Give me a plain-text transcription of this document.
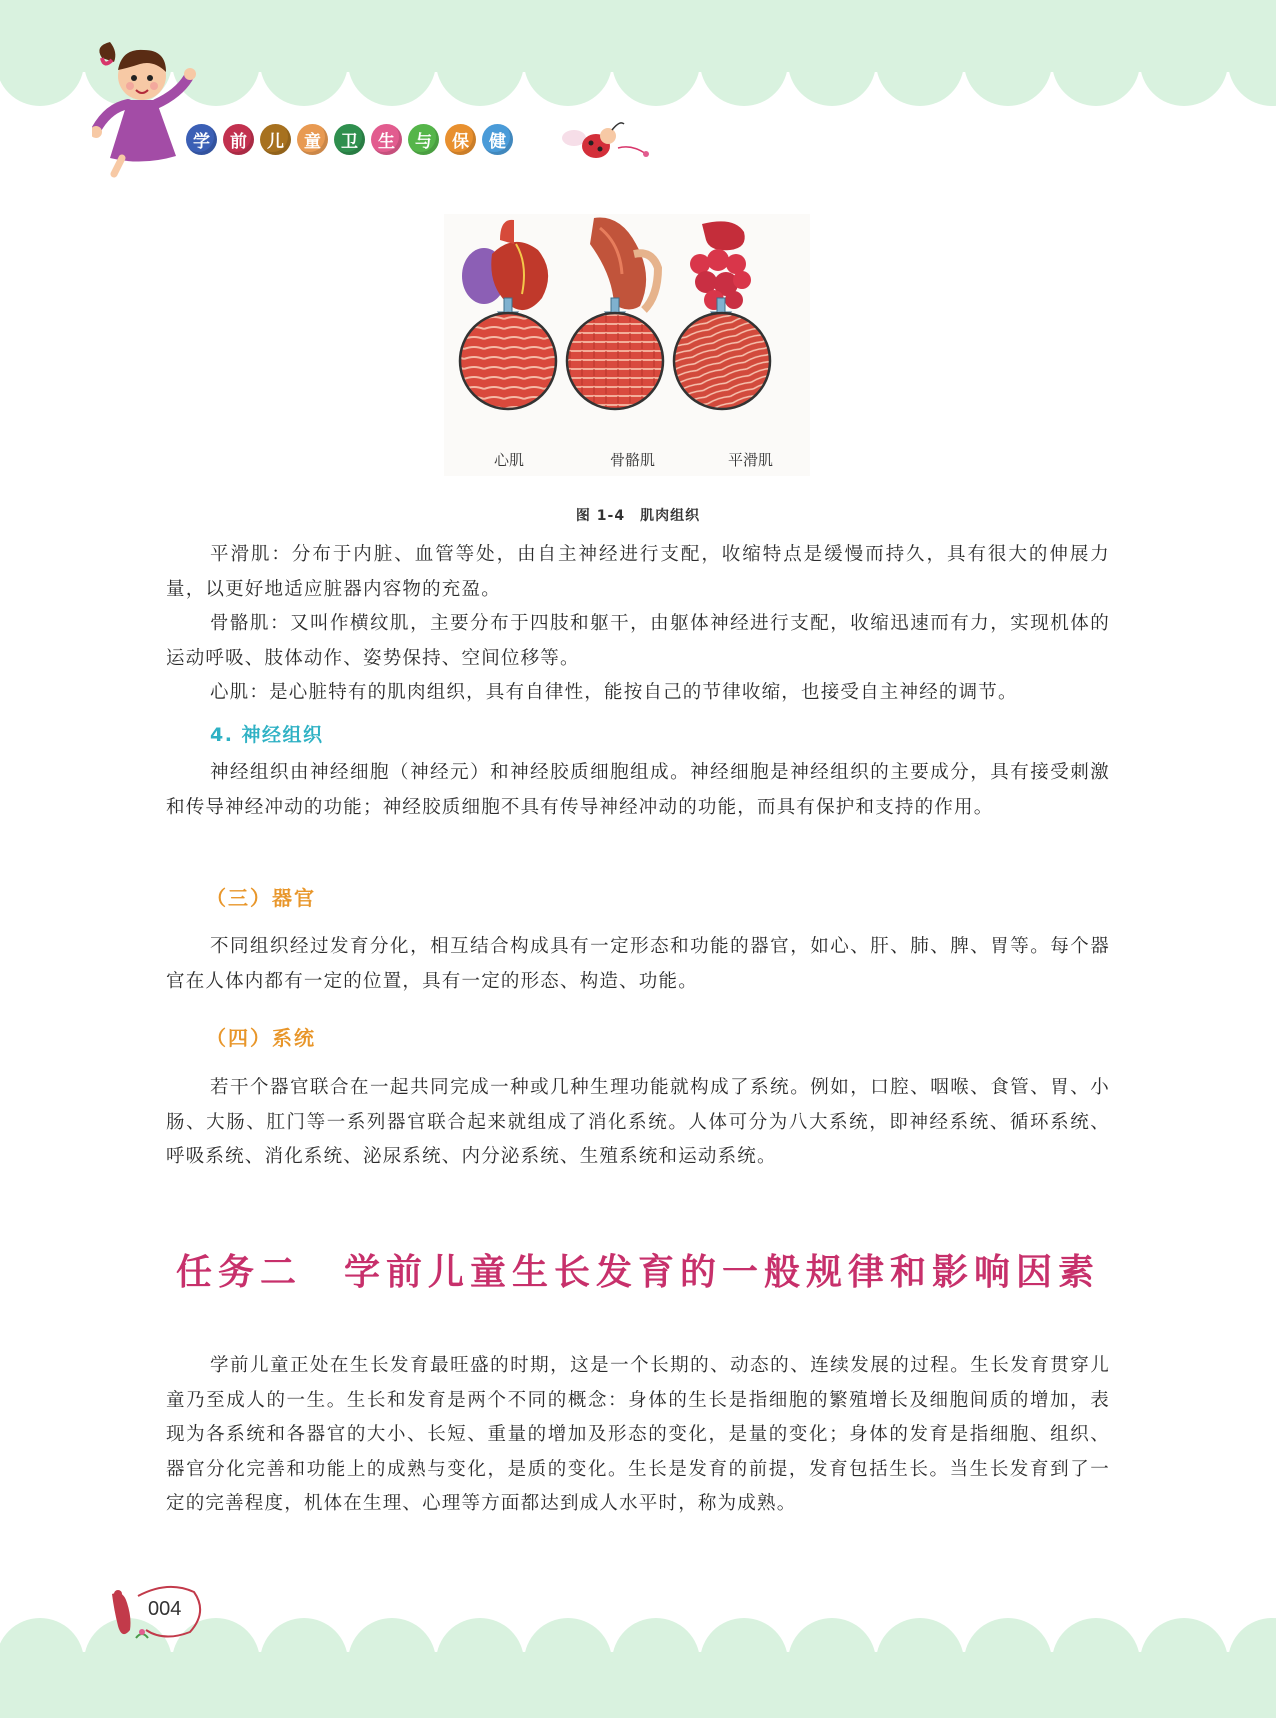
学	前	儿	童	卫	生	与	保	健
心肌	骨骼肌	平滑肌
图 1-4　肌肉组织
平滑肌：分布于内脏、血管等处，由自主神经进行支配，收缩特点是缓慢而持久，具有很大的伸展力量，以更好地适应脏器内容物的充盈。
骨骼肌：又叫作横纹肌，主要分布于四肢和躯干，由躯体神经进行支配，收缩迅速而有力，实现机体的运动呼吸、肢体动作、姿势保持、空间位移等。
心肌：是心脏特有的肌肉组织，具有自律性，能按自己的节律收缩，也接受自主神经的调节。
4. 神经组织
神经组织由神经细胞（神经元）和神经胶质细胞组成。神经细胞是神经组织的主要成分，具有接受刺激和传导神经冲动的功能；神经胶质细胞不具有传导神经冲动的功能，而具有保护和支持的作用。
（三）器官
不同组织经过发育分化，相互结合构成具有一定形态和功能的器官，如心、肝、肺、脾、胃等。每个器官在人体内都有一定的位置，具有一定的形态、构造、功能。
（四）系统
若干个器官联合在一起共同完成一种或几种生理功能就构成了系统。例如，口腔、咽喉、食管、胃、小肠、大肠、肛门等一系列器官联合起来就组成了消化系统。人体可分为八大系统，即神经系统、循环系统、呼吸系统、消化系统、泌尿系统、内分泌系统、生殖系统和运动系统。
任务二　学前儿童生长发育的一般规律和影响因素
学前儿童正处在生长发育最旺盛的时期，这是一个长期的、动态的、连续发展的过程。生长发育贯穿儿童乃至成人的一生。生长和发育是两个不同的概念：身体的生长是指细胞的繁殖增长及细胞间质的增加，表现为各系统和各器官的大小、长短、重量的增加及形态的变化，是量的变化；身体的发育是指细胞、组织、器官分化完善和功能上的成熟与变化，是质的变化。生长是发育的前提，发育包括生长。当生长发育到了一定的完善程度，机体在生理、心理等方面都达到成人水平时，称为成熟。
004
